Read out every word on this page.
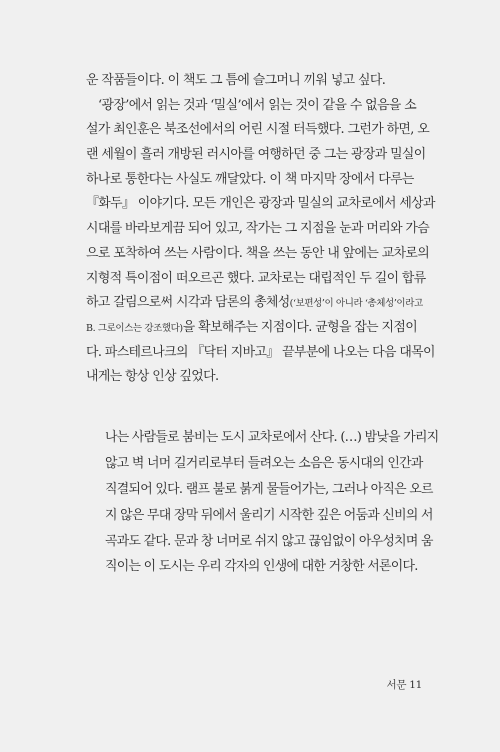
운 작품들이다. 이 책도 그 틈에 슬그머니 끼워 넣고 싶다.
‘광장’에서 읽는 것과 ‘밀실’에서 읽는 것이 같을 수 없음을 소
설가 최인훈은 북조선에서의 어린 시절 터득했다. 그런가 하면, 오
랜 세월이 흘러 개방된 러시아를 여행하던 중 그는 광장과 밀실이
하나로 통한다는 사실도 깨달았다. 이 책 마지막 장에서 다루는
『화두』 이야기다. 모든 개인은 광장과 밀실의 교차로에서 세상과
시대를 바라보게끔 되어 있고, 작가는 그 지점을 눈과 머리와 가슴
으로 포착하여 쓰는 사람이다. 책을 쓰는 동안 내 앞에는 교차로의
지형적 특이점이 떠오르곤 했다. 교차로는 대립적인 두 길이 합류
하고 갈림으로써 시각과 담론의 총체성(‘보편성’이 아니라 ‘총체성’이라고
B. 그로이스는 강조했다)을 확보해주는 지점이다. 균형을 잡는 지점이
다. 파스테르나크의 『닥터 지바고』 끝부분에 나오는 다음 대목이
내게는 항상 인상 깊었다.
나는 사람들로 붐비는 도시 교차로에서 산다. (…) 밤낮을 가리지
않고 벽 너머 길거리로부터 들려오는 소음은 동시대의 인간과
직결되어 있다. 램프 불로 붉게 물들어가는, 그러나 아직은 오르
지 않은 무대 장막 뒤에서 울리기 시작한 깊은 어둠과 신비의 서
곡과도 같다. 문과 창 너머로 쉬지 않고 끊임없이 아우성치며 움
직이는 이 도시는 우리 각자의 인생에 대한 거창한 서론이다.
서문 11
